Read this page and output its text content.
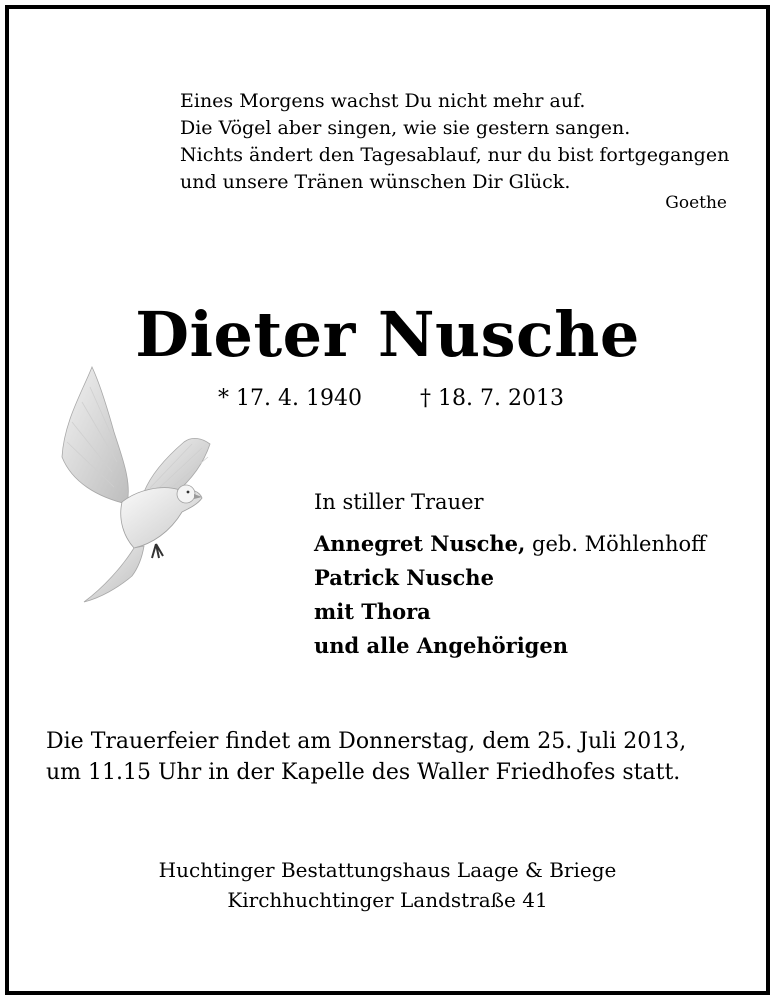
Eines Morgens wachst Du nicht mehr auf.
Die Vögel aber singen, wie sie gestern sangen.
Nichts ändert den Tagesablauf, nur du bist fortgegangen
und unsere Tränen wünschen Dir Glück.
Goethe
Dieter Nusche
* 17. 4. 1940	† 18. 7. 2013
In stiller Trauer
Annegret Nusche, geb. Möhlenhoff
Patrick Nusche
mit Thora
und alle Angehörigen
Die Trauerfeier findet am Donnerstag, dem 25. Juli 2013,
um 11.15 Uhr in der Kapelle des Waller Friedhofes statt.
Huchtinger Bestattungshaus Laage & Briege
Kirchhuchtinger Landstraße 41
